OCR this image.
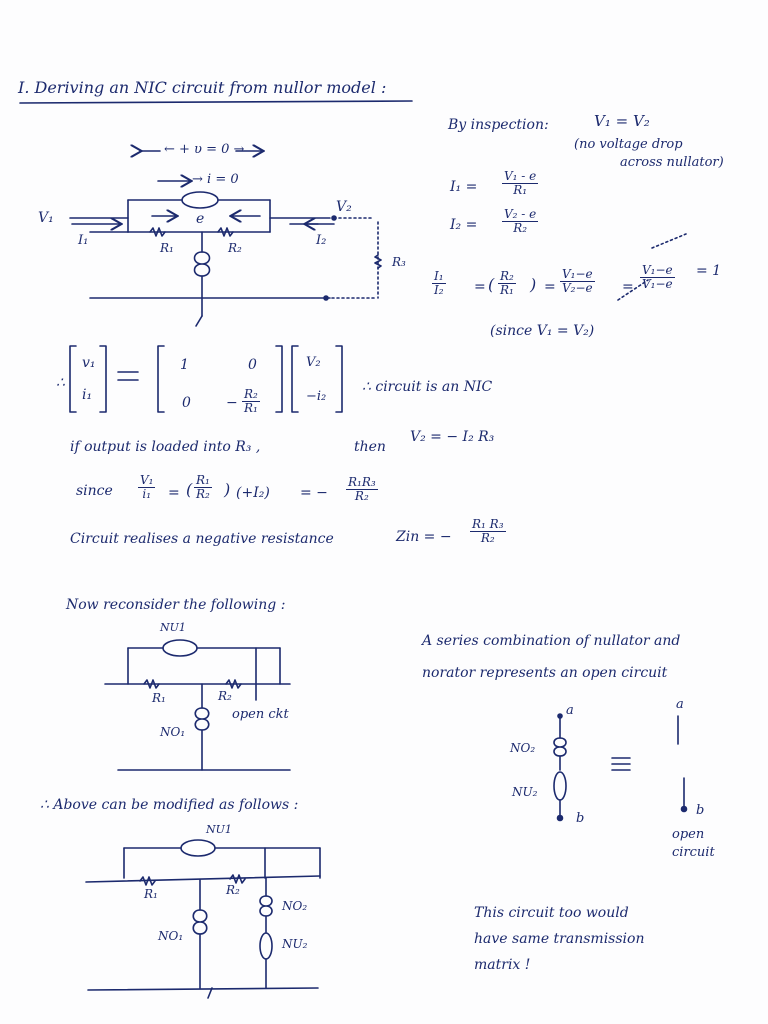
I. Deriving an NIC circuit from nullor model :
← + υ = 0 →
→ i = 0
e
V₁
V₂
I₁	I₂
R₁	R₂
R₃
By inspection:	V₁ = V₂
(no voltage drop
across nullator)
$I_1 = \frac{\text{V₁ - e}}{\text{R₁}}$
$I_2 = \frac{\text{V₂ - e}}{\text{R₂}}$
$\frac{\text{I₁}}{\text{I₂}}$ = ( $\frac{\text{R₂}}{\text{R₁}}$ ) = $\frac{\text{V₁−e}}{\text{V₂−e}} = \frac{\text{V₁−e}}{\text{V₁−e}} = 1$
(since V₁ = V₂)
∴
v₁
i₁
1	0
0	− $\frac{\text{R₂}}{\text{R₁}}$
V₂
−i₂
∴ circuit is an NIC
if output is loaded into R₃ ,	then
V₂ = − I₂ R₃
since $\frac{\text{V₁}}{\text{i₁}}$ = ( $\frac{\text{R₁}}{\text{R₂}}$ ) (+I₂) = − $\frac{\text{R₁R₃}}{\text{R₂}}$
Circuit realises a negative resistance	Zin = − $\frac{\text{R₁ R₃}}{\text{R₂}}$
Now reconsider the following :
NU1
R₁	R₂
NO₁
open ckt
A series combination of nullator and
norator represents an open circuit
a	a
NO₂
NU₂
b
b
open
circuit
∴ Above can be modified as follows :
NU1
R₁	R₂
NO₁
NO₂
NU₂
This circuit too would
have same transmission
matrix !
